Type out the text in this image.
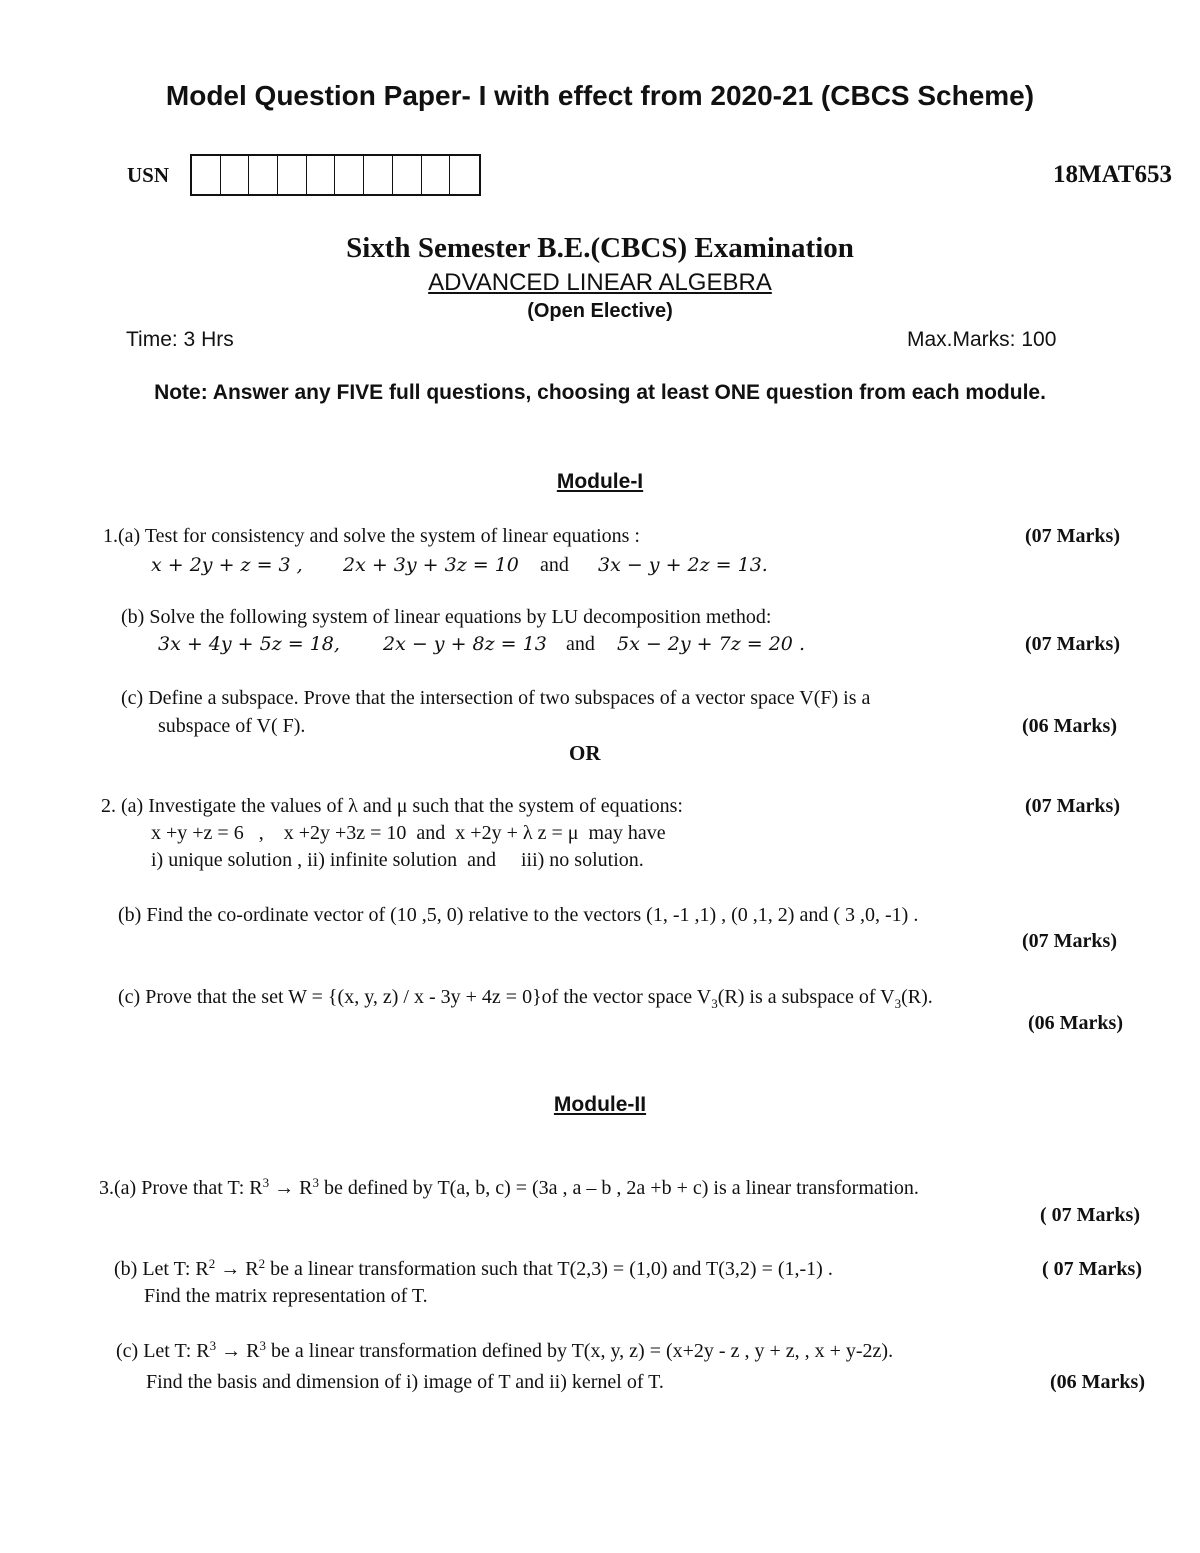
Model Question Paper- I with effect from 2020-21 (CBCS Scheme)
USN	18MAT653
Sixth Semester B.E.(CBCS) Examination
ADVANCED LINEAR ALGEBRA
(Open Elective)
Time: 3 Hrs	Max.Marks: 100
Note: Answer any FIVE full questions, choosing at least ONE question from each module.
Module-I
1.(a) Test for consistency and solve the system of linear equations :	(07 Marks)
x + 2y + z = 3 , 2x + 3y + 3z = 10 and 3x − y + 2z = 13.
(b) Solve the following system of linear equations by LU decomposition method:
3x + 4y + 5z = 18, 2x − y + 8z = 13 and 5x − 2y + 7z = 20 .	(07 Marks)
(c) Define a subspace. Prove that the intersection of two subspaces of a vector space V(F) is a
subspace of V( F).	(06 Marks)
OR
2. (a) Investigate the values of λ and μ such that the system of equations:	(07 Marks)
x +y +z = 6   ,    x +2y +3z = 10  and  x +2y + λ z = μ  may have
i) unique solution , ii) infinite solution  and     iii) no solution.
(b) Find the co-ordinate vector of (10 ,5, 0) relative to the vectors (1, -1 ,1) , (0 ,1, 2) and ( 3 ,0, -1) .
(07 Marks)
(c) Prove that the set W = {(x, y, z) / x - 3y + 4z = 0}of the vector space $V_3(R)$ is a subspace of $V_3(R)$.
(06 Marks)
Module-II
3.(a) Prove that T: $R^3 \to R^3$ be defined by T(a, b, c) = (3a , a – b , 2a +b + c) is a linear transformation.
( 07 Marks)
(b) Let T: $R^2 \to R^2$ be a linear transformation such that T(2,3) = (1,0) and T(3,2) = (1,-1) .	( 07 Marks)
Find the matrix representation of T.
(c) Let T: $R^3 \to R^3$ be a linear transformation defined by T(x, y, z) = (x+2y - z , y + z, , x + y-2z).
Find the basis and dimension of i) image of T and ii) kernel of T.	(06 Marks)
